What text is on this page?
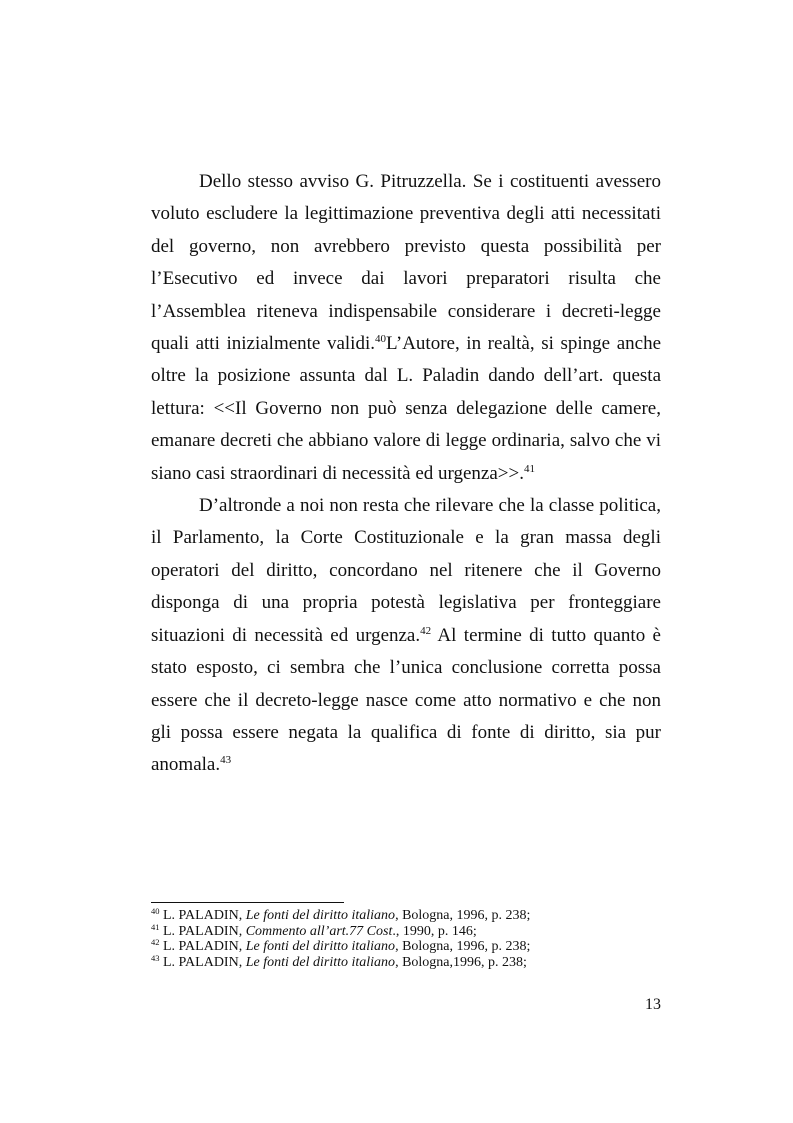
Dello stesso avviso G. Pitruzzella. Se i costituenti avessero voluto escludere la legittimazione preventiva degli atti necessitati del governo, non avrebbero previsto questa possibilità per l’Esecutivo ed invece dai lavori preparatori risulta che l’Assemblea riteneva indispensabile considerare i decreti-legge quali atti inizialmente validi.$^{40}$L’Autore, in realtà, si spinge anche oltre la posizione assunta dal L. Paladin dando dell’art. questa lettura: <<Il Governo non può senza delegazione delle camere, emanare decreti che abbiano valore di legge ordinaria, salvo che vi siano casi straordinari di necessità ed urgenza>>.$^{41}$

D’altronde a noi non resta che rilevare che la classe politica, il Parlamento, la Corte Costituzionale e la gran massa degli operatori del diritto, concordano nel ritenere che il Governo disponga di una propria potestà legislativa per fronteggiare situazioni di necessità ed urgenza.$^{42}$ Al termine di tutto quanto è stato esposto, ci sembra che l’unica conclusione corretta possa essere che il decreto-legge nasce come atto normativo e che non gli possa essere negata la qualifica di fonte di diritto, sia pur anomala.$^{43}$

$^{40}$ L. PALADIN, Le fonti del diritto italiano, Bologna, 1996, p. 238;
$^{41}$ L. PALADIN, Commento all’art.77 Cost., 1990, p. 146;
$^{42}$ L. PALADIN, Le fonti del diritto italiano, Bologna, 1996, p. 238;
$^{43}$ L. PALADIN, Le fonti del diritto italiano, Bologna,1996, p. 238;
13
